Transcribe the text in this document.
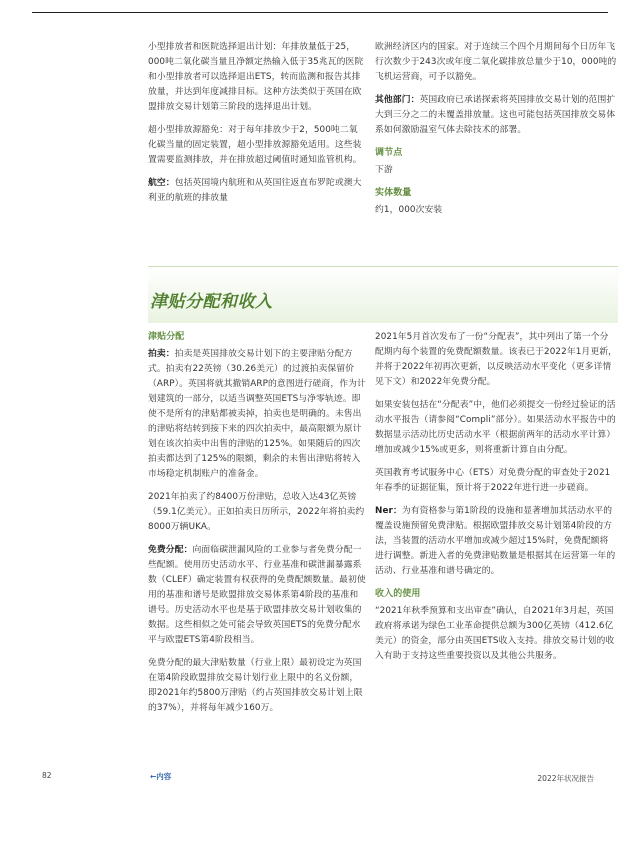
小型排放者和医院选择退出计划：年排放量低于25，000吨二氧化碳当量且净额定热输入低于35兆瓦的医院和小型排放者可以选择退出ETS，转而监测和报告其排放量，并达到年度减排目标。这种方法类似于英国在欧盟排放交易计划第三阶段的选择退出计划。

超小型排放源豁免：对于每年排放少于2，500吨二氧化碳当量的固定装置，超小型排放源豁免适用。这些装置需要监测排放，并在排放超过阈值时通知监管机构。

航空：包括英国境内航班和从英国往返直布罗陀或澳大利亚的航班的排放量

欧洲经济区内的国家。对于连续三个四个月期间每个日历年飞行次数少于243次或年度二氧化碳排放总量少于10，000吨的飞机运营商，可予以豁免。

其他部门：英国政府已承诺探索将英国排放交易计划的范围扩大到三分之二的未覆盖排放量。这也可能包括英国排放交易体系如何激励温室气体去除技术的部署。

调节点

下游

实体数量

约1，000次安装

津贴分配和收入

津贴分配

拍卖：拍卖是英国排放交易计划下的主要津贴分配方式。拍卖有22英镑（30.26美元）的过渡拍卖保留价（ARP）。英国将就其撤销ARP的意图进行磋商，作为计划建筑的一部分，以适当调整英国ETS与净零轨迹。即使不是所有的津贴都被卖掉，拍卖也是明确的。未售出的津贴将结转到接下来的四次拍卖中，最高限额为原计划在该次拍卖中出售的津贴的125%。如果随后的四次拍卖都达到了125%的限额，剩余的未售出津贴将转入市场稳定机制账户的准备金。

2021年拍卖了约8400万份津贴，总收入达43亿英镑（59.1亿美元）。正如拍卖日历所示，2022年将拍卖约8000万辆UKA。

免费分配：向面临碳泄漏风险的工业参与者免费分配一些配额。使用历史活动水平、行业基准和碳泄漏暴露系数（CLEF）确定装置有权获得的免费配额数量。最初使用的基准和谱号是欧盟排放交易体系第4阶段的基准和谱号。历史活动水平也是基于欧盟排放交易计划收集的数据。这些相似之处可能会导致英国ETS的免费分配水平与欧盟ETS第4阶段相当。

免费分配的最大津贴数量（行业上限）最初设定为英国在第4阶段欧盟排放交易计划行业上限中的名义份额，即2021年约5800万津贴（约占英国排放交易计划上限的37%），并将每年减少160万。

2021年5月首次发布了一份“分配表”，其中列出了第一个分配期内每个装置的免费配额数量。该表已于2022年1月更新，并将于2022年初再次更新，以反映活动水平变化（更多详情见下文）和2022年免费分配。

如果安装包括在“分配表”中，他们必须提交一份经过验证的活动水平报告（请参阅“Compli”部分）。如果活动水平报告中的数据显示活动比历史活动水平（根据前两年的活动水平计算）增加或减少15%或更多，则将重新计算自由分配。

英国教育考试服务中心（ETS）对免费分配的审查处于2021年春季的证据征集，预计将于2022年进行进一步磋商。

Ner：为有资格参与第1阶段的设施和显著增加其活动水平的覆盖设施预留免费津贴。根据欧盟排放交易计划第4阶段的方法，当装置的活动水平增加或减少超过15%时，免费配额将进行调整。新进入者的免费津贴数量是根据其在运营第一年的活动、行业基准和谱号确定的。

收入的使用

“2021年秋季预算和支出审查”确认，自2021年3月起，英国政府将承诺为绿色工业革命提供总额为300亿英镑（412.6亿美元）的资金，部分由英国ETS收入支持。排放交易计划的收入有助于支持这些重要投资以及其他公共服务。

82	←内容	2022年状况报告
